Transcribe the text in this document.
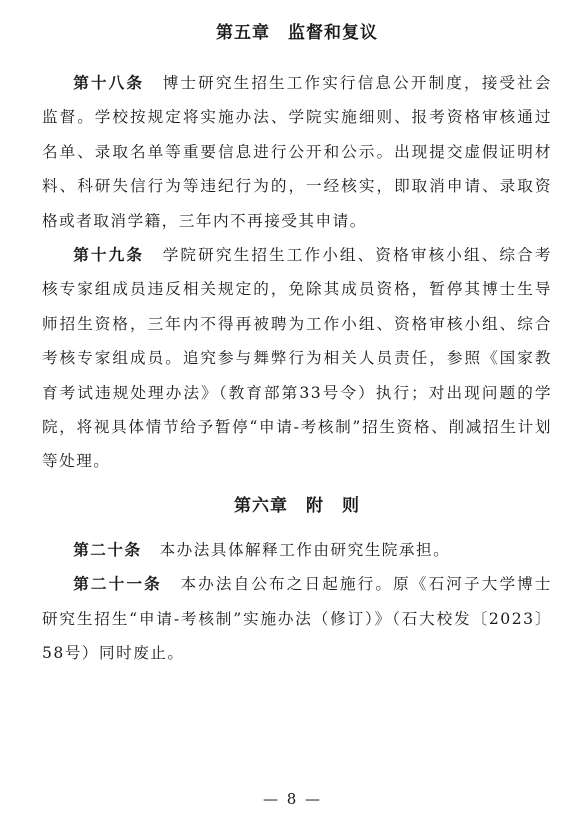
第五章 监督和复议

第十八条 博士研究生招生工作实行信息公开制度，接受社会监督。学校按规定将实施办法、学院实施细则、报考资格审核通过名单、录取名单等重要信息进行公开和公示。出现提交虚假证明材料、科研失信行为等违纪行为的，一经核实，即取消申请、录取资格或者取消学籍，三年内不再接受其申请。

第十九条 学院研究生招生工作小组、资格审核小组、综合考核专家组成员违反相关规定的，免除其成员资格，暂停其博士生导师招生资格，三年内不得再被聘为工作小组、资格审核小组、综合考核专家组成员。追究参与舞弊行为相关人员责任，参照《国家教育考试违规处理办法》（教育部第33号令）执行；对出现问题的学院，将视具体情节给予暂停“申请-考核制”招生资格、削减招生计划等处理。

第六章 附　则

第二十条 本办法具体解释工作由研究生院承担。

第二十一条 本办法自公布之日起施行。原《石河子大学博士研究生招生“申请-考核制”实施办法（修订）》（石大校发〔2023〕58号）同时废止。

— 8 —
